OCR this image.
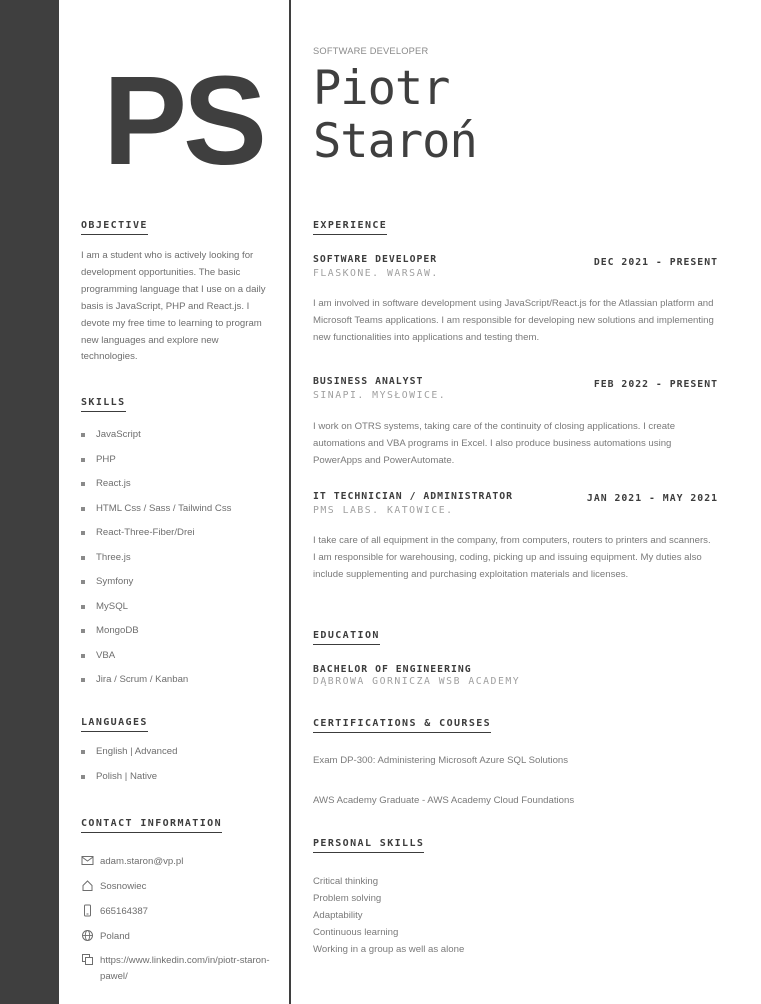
PS
OBJECTIVE

I am a student who is actively looking for development opportunities. The basic programming language that I use on a daily basis is JavaScript, PHP and React.js. I devote my free time to learning to program new languages and explore new technologies.

SKILLS
JavaScript
PHP
React.js
HTML Css / Sass / Tailwind Css
React-Three-Fiber/Drei
Three.js
Symfony
MySQL
MongoDB
VBA
Jira / Scrum / Kanban
LANGUAGES
English | Advanced
Polish | Native
CONTACT INFORMATION
adam.staron@vp.pl
Sosnowiec
665164387
Poland
https://www.linkedin.com/in/piotr-staron-pawel/
SOFTWARE DEVELOPER
Piotr
Staroń
EXPERIENCE
SOFTWARE DEVELOPER	DEC 2021 - PRESENT
FLASKONE. WARSAW.

I am involved in software development using JavaScript/React.js for the Atlassian platform and Microsoft Teams applications. I am responsible for developing new solutions and implementing new functionalities into applications and testing them.

BUSINESS ANALYST	FEB 2022 - PRESENT
SINAPI. MYSŁOWICE.

I work on OTRS systems, taking care of the continuity of closing applications. I create automations and VBA programs in Excel. I also produce business automations using PowerApps and PowerAutomate.

IT TECHNICIAN / ADMINISTRATOR	JAN 2021 - MAY 2021
PMS LABS. KATOWICE.

I take care of all equipment in the company, from computers, routers to printers and scanners. I am responsible for warehousing, coding, picking up and issuing equipment. My duties also include supplementing and purchasing exploitation materials and licenses.

EDUCATION
BACHELOR OF ENGINEERING
DĄBROWA GORNICZA WSB ACADEMY
CERTIFICATIONS & COURSES
Exam DP-300: Administering Microsoft Azure SQL Solutions
AWS Academy Graduate - AWS Academy Cloud Foundations
PERSONAL SKILLS
Critical thinking
Problem solving
Adaptability
Continuous learning
Working in a group as well as alone
